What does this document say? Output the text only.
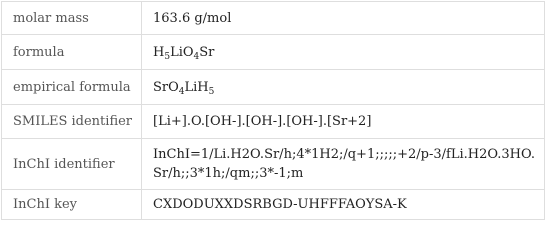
molar mass	163.6 g/mol
formula	$H_5LiO_4Sr$
empirical formula	SrO$_4$LiH$_5$
SMILES identifier	[Li+].O.[OH-].[OH-].[OH-].[Sr+2]
InChI identifier	InChI=1/Li.H2O.Sr/h;4*1H2;/q+1;;;;;+2/p-3/fLi.H2O.3HO.Sr/h;;3*1h;/qm;;3*-1;m
InChI key	CXDODUXXDSRBGD-UHFFFAOYSA-K
